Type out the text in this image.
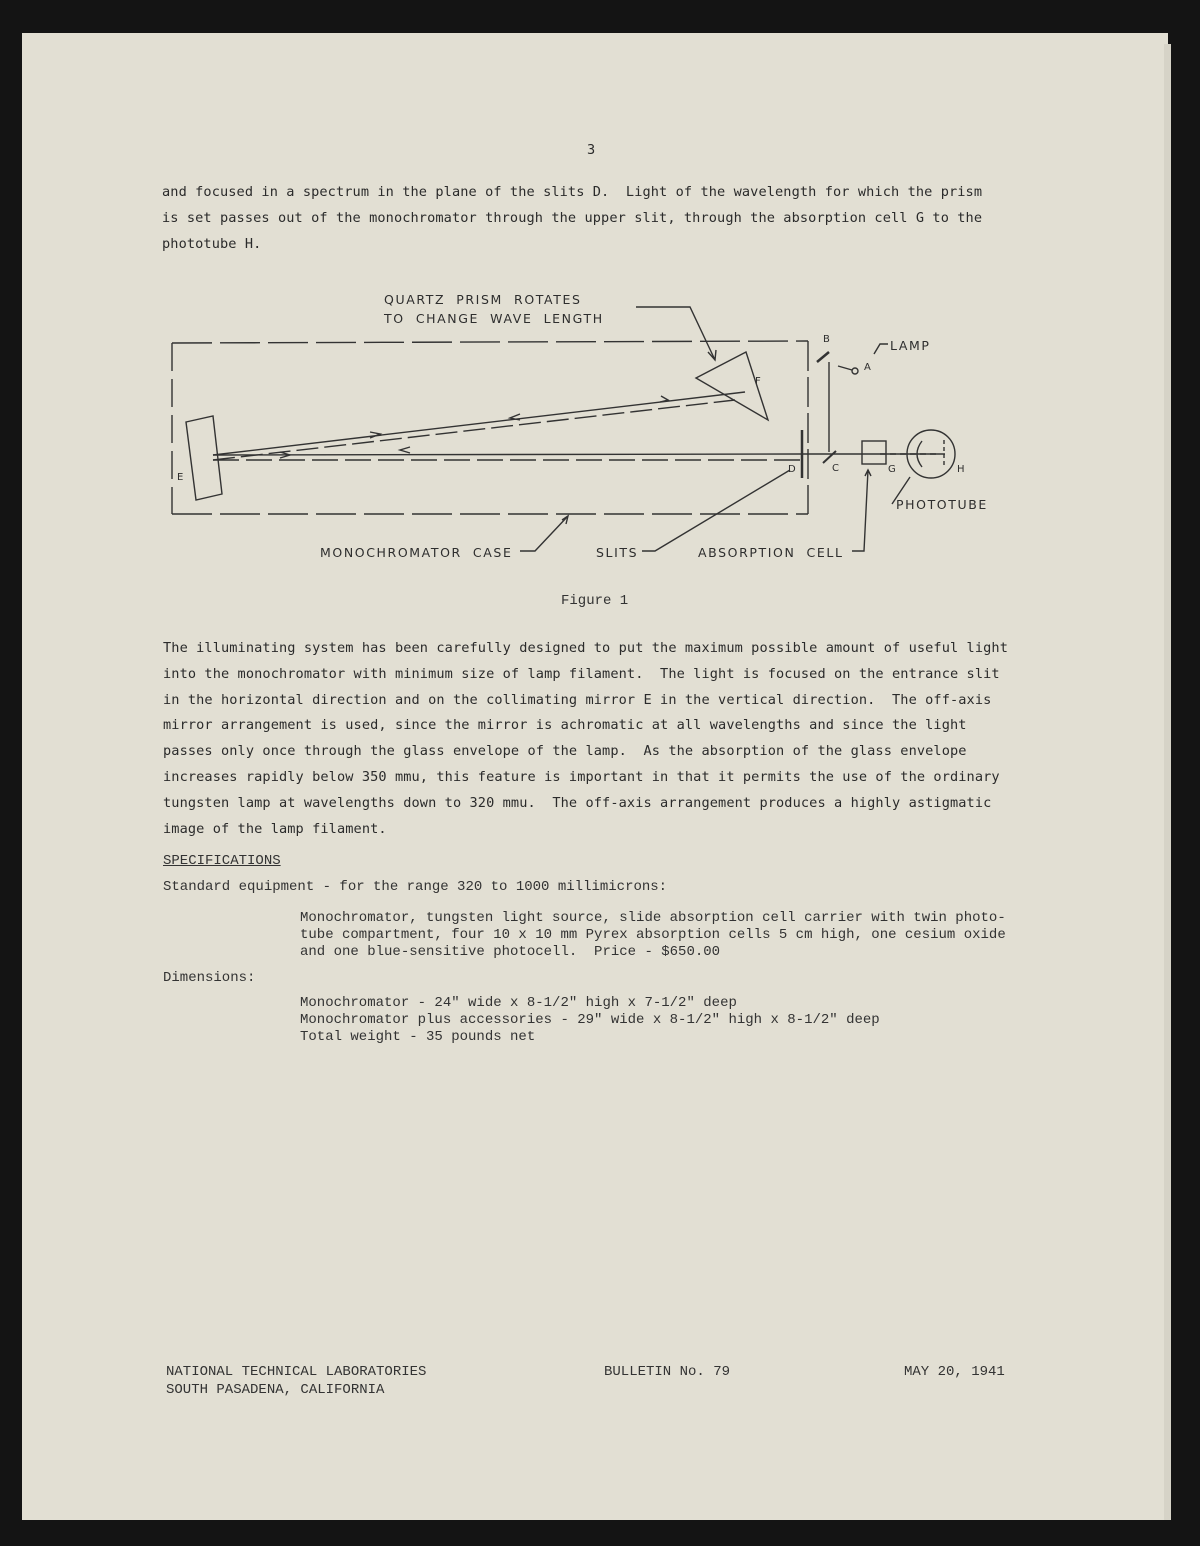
3
and focused in a spectrum in the plane of the slits D.  Light of the wavelength for which the prism
is set passes out of the monochromator through the upper slit, through the absorption cell G to the
phototube H.
QUARTZ  PRISM  ROTATES
TO  CHANGE  WAVE  LENGTH
LAMP
PHOTOTUBE
MONOCHROMATOR  CASE	SLITS	ABSORPTION  CELL
A
B
C
D
E
F
G	H
Figure 1
The illuminating system has been carefully designed to put the maximum possible amount of useful light
into the monochromator with minimum size of lamp filament.  The light is focused on the entrance slit
in the horizontal direction and on the collimating mirror E in the vertical direction.  The off-axis
mirror arrangement is used, since the mirror is achromatic at all wavelengths and since the light
passes only once through the glass envelope of the lamp.  As the absorption of the glass envelope
increases rapidly below 350 mmu, this feature is important in that it permits the use of the ordinary
tungsten lamp at wavelengths down to 320 mmu.  The off-axis arrangement produces a highly astigmatic
image of the lamp filament.
SPECIFICATIONS
Standard equipment - for the range 320 to 1000 millimicrons:
Monochromator, tungsten light source, slide absorption cell carrier with twin photo-
tube compartment, four 10 x 10 mm Pyrex absorption cells 5 cm high, one cesium oxide
and one blue-sensitive photocell.  Price - $650.00
Dimensions:
Monochromator - 24" wide x 8-1/2" high x 7-1/2" deep
Monochromator plus accessories - 29" wide x 8-1/2" high x 8-1/2" deep
Total weight - 35 pounds net
NATIONAL TECHNICAL LABORATORIES
SOUTH PASADENA, CALIFORNIA
BULLETIN No. 79	MAY 20, 1941
